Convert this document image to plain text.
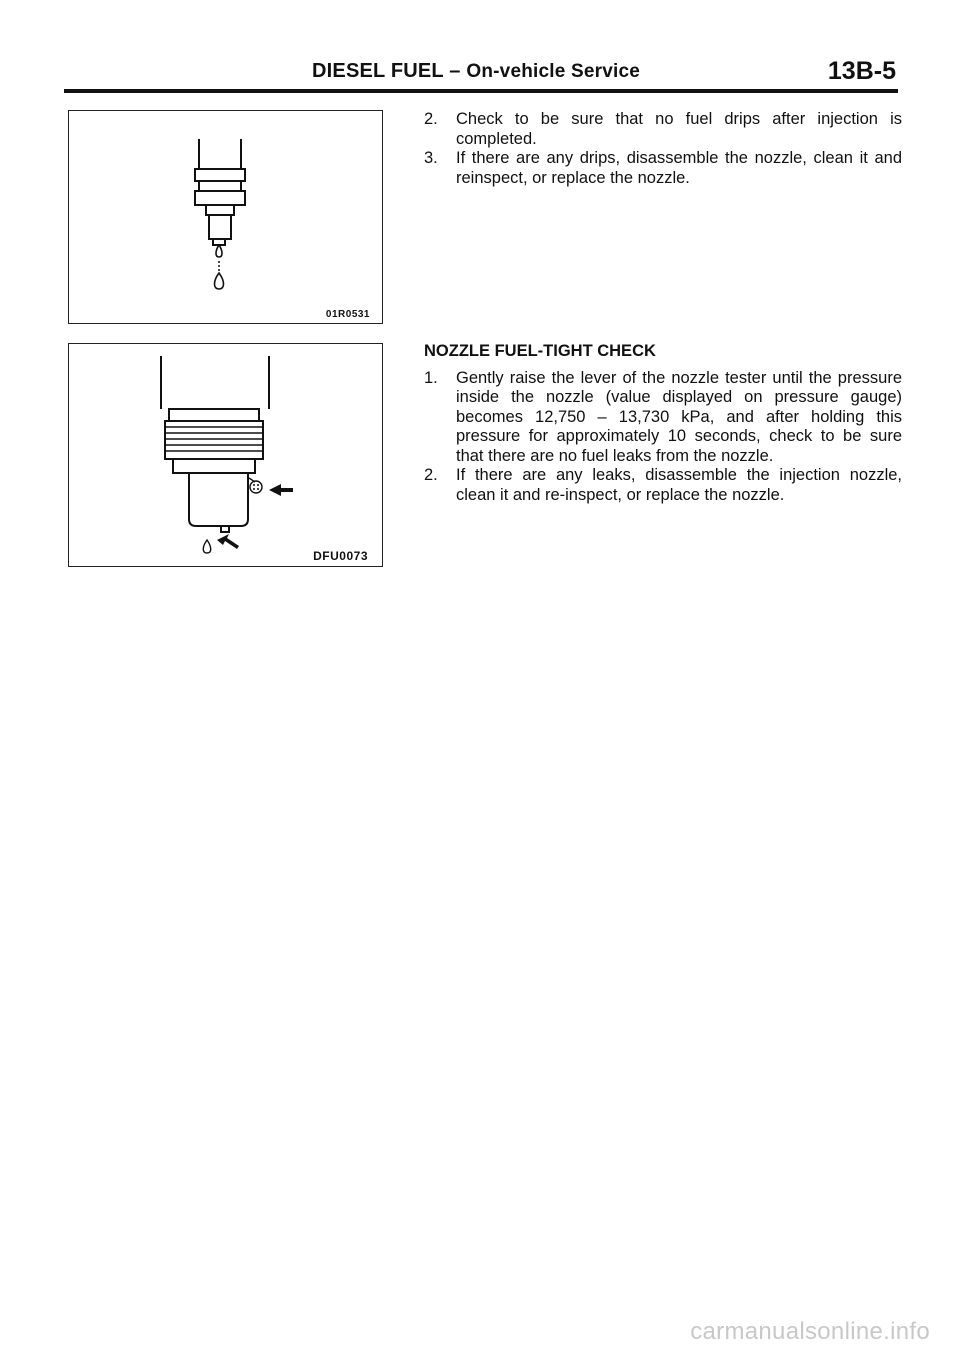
DIESEL FUEL – On-vehicle Service	13B-5
01R0531
DFU0073
2.	Check to be sure that no fuel drips after injection is completed.
3.	If there are any drips, disassemble the nozzle, clean it and reinspect, or replace the nozzle.
NOZZLE FUEL-TIGHT CHECK
1.	Gently raise the lever of the nozzle tester until the pressure inside the nozzle (value displayed on pressure gauge) becomes 12,750 – 13,730 kPa, and after holding this pressure for approximately 10 seconds, check to be sure that there are no fuel leaks from the nozzle.
2.	If there are any leaks, disassemble the injection nozzle, clean it and re-inspect, or replace the nozzle.
carmanualsonline.info
